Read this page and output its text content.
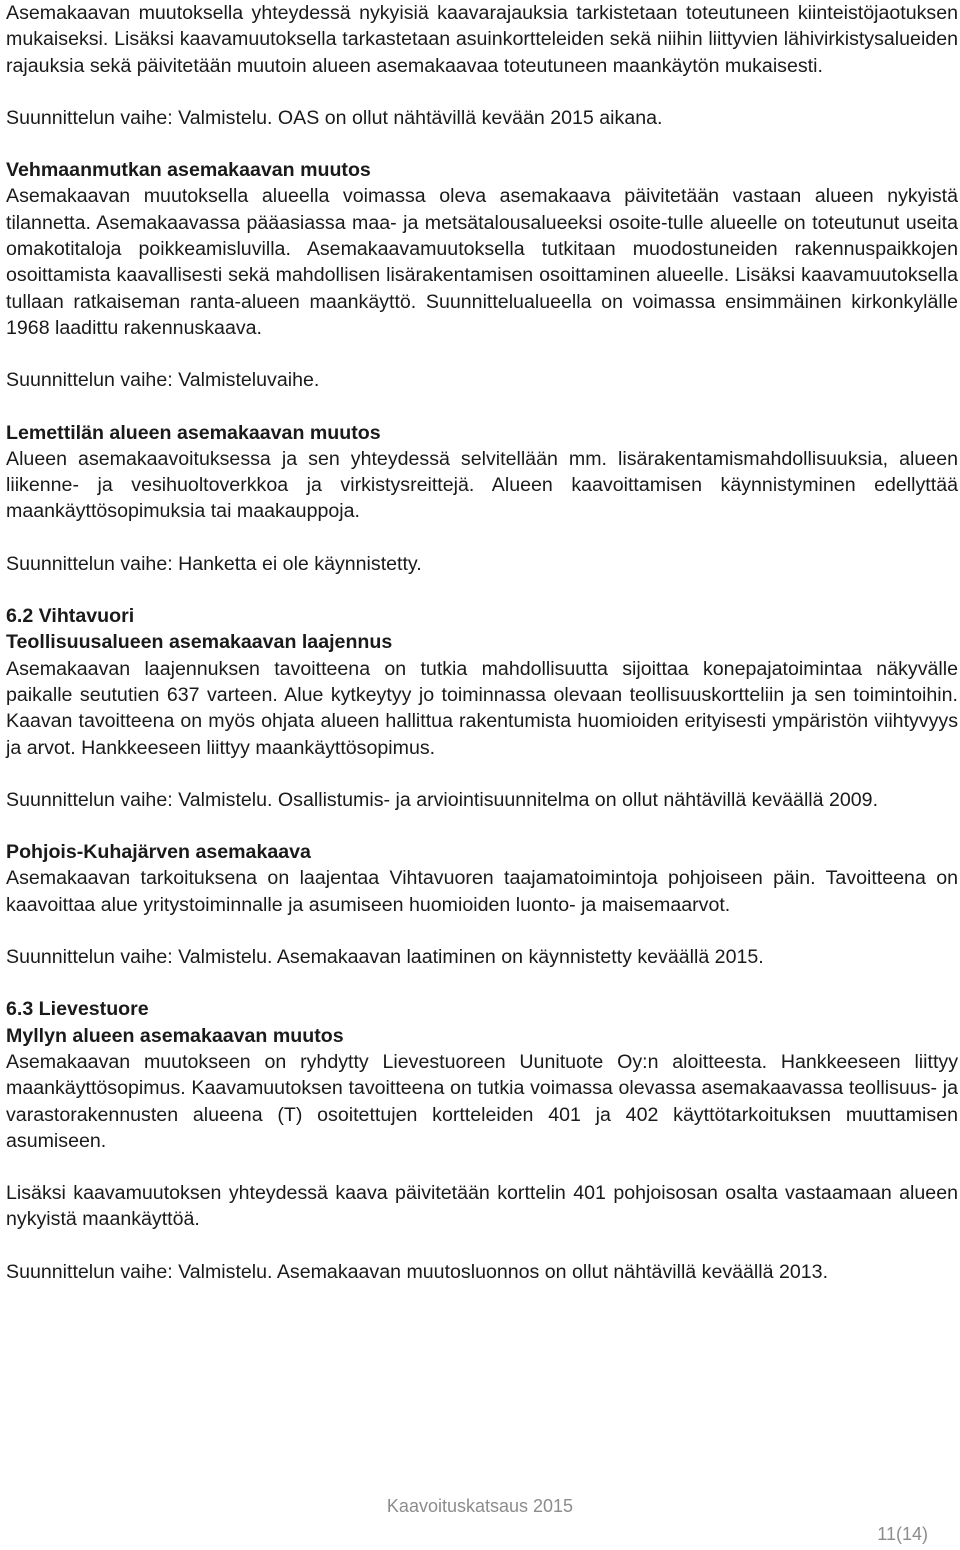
Asemakaavan muutoksella yhteydessä nykyisiä kaavarajauksia tarkistetaan toteutuneen kiinteistöjaotuksen mukaiseksi. Lisäksi kaavamuutoksella tarkastetaan asuinkortteleiden sekä niihin liittyvien lähivirkistysalueiden rajauksia sekä päivitetään muutoin alueen asemakaavaa toteutuneen maankäytön mukaisesti.

Suunnittelun vaihe: Valmistelu. OAS on ollut nähtävillä kevään 2015 aikana.

Vehmaanmutkan asemakaavan muutos

Asemakaavan muutoksella alueella voimassa oleva asemakaava päivitetään vastaan alueen nykyistä tilannetta. Asemakaavassa pääasiassa maa- ja metsätalousalueeksi osoite-tulle alueelle on toteutunut useita omakotitaloja poikkeamisluvilla. Asemakaavamuutoksella tutkitaan muodostuneiden rakennuspaikkojen osoittamista kaavallisesti sekä mahdollisen lisärakentamisen osoittaminen alueelle. Lisäksi kaavamuutoksella tullaan ratkaiseman ranta-alueen maankäyttö. Suunnittelualueella on voimassa ensimmäinen kirkonkylälle 1968 laadittu rakennuskaava.

Suunnittelun vaihe: Valmisteluvaihe.

Lemettilän alueen asemakaavan muutos

Alueen asemakaavoituksessa ja sen yhteydessä selvitellään mm. lisärakentamismahdollisuuksia, alueen liikenne- ja vesihuoltoverkkoa ja virkistysreittejä. Alueen kaavoittamisen käynnistyminen edellyttää maankäyttösopimuksia tai maakauppoja.

Suunnittelun vaihe: Hanketta ei ole käynnistetty.

6.2 Vihtavuori

Teollisuusalueen asemakaavan laajennus

Asemakaavan laajennuksen tavoitteena on tutkia mahdollisuutta sijoittaa konepajatoimintaa näkyvälle paikalle seututien 637 varteen. Alue kytkeytyy jo toiminnassa olevaan teollisuuskortteliin ja sen toimintoihin. Kaavan tavoitteena on myös ohjata alueen hallittua rakentumista huomioiden erityisesti ympäristön viihtyvyys ja arvot. Hankkeeseen liittyy maankäyttösopimus.

Suunnittelun vaihe: Valmistelu. Osallistumis- ja arviointisuunnitelma on ollut nähtävillä keväällä 2009.

Pohjois-Kuhajärven asemakaava

Asemakaavan tarkoituksena on laajentaa Vihtavuoren taajamatoimintoja pohjoiseen päin. Tavoitteena on kaavoittaa alue yritystoiminnalle ja asumiseen huomioiden luonto- ja maisemaarvot.

Suunnittelun vaihe: Valmistelu. Asemakaavan laatiminen on käynnistetty keväällä 2015.

6.3 Lievestuore

Myllyn alueen asemakaavan muutos

Asemakaavan muutokseen on ryhdytty Lievestuoreen Uunituote Oy:n aloitteesta. Hankkeeseen liittyy maankäyttösopimus. Kaavamuutoksen tavoitteena on tutkia voimassa olevassa asemakaavassa teollisuus- ja varastorakennusten alueena (T) osoitettujen kortteleiden 401 ja 402 käyttötarkoituksen muuttamisen asumiseen.

Lisäksi kaavamuutoksen yhteydessä kaava päivitetään korttelin 401 pohjoisosan osalta vastaamaan alueen nykyistä maankäyttöä.

Suunnittelun vaihe: Valmistelu. Asemakaavan muutosluonnos on ollut nähtävillä keväällä 2013.

Kaavoituskatsaus 2015
11(14)
